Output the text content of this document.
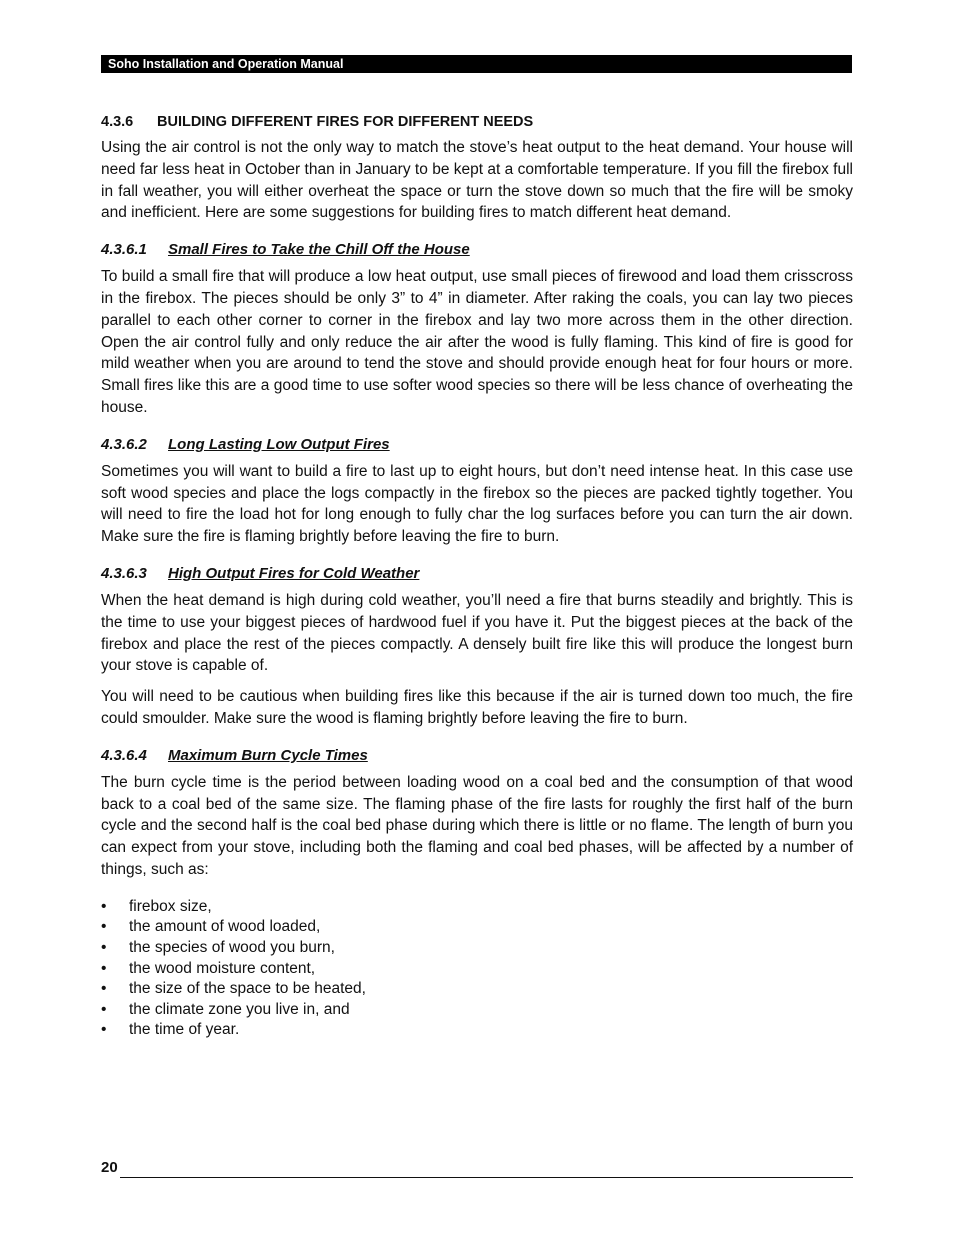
Soho Installation and Operation Manual
4.3.6 BUILDING DIFFERENT FIRES FOR DIFFERENT NEEDS

Using the air control is not the only way to match the stove’s heat output to the heat demand. Your house will need far less heat in October than in January to be kept at a comfortable temperature. If you fill the firebox full in fall weather, you will either overheat the space or turn the stove down so much that the fire will be smoky and inefficient. Here are some suggestions for building fires to match different heat demand.

4.3.6.1 Small Fires to Take the Chill Off the House

To build a small fire that will produce a low heat output, use small pieces of firewood and load them crisscross in the firebox. The pieces should be only 3” to 4” in diameter. After raking the coals, you can lay two pieces parallel to each other corner to corner in the firebox and lay two more across them in the other direction. Open the air control fully and only reduce the air after the wood is fully flaming. This kind of fire is good for mild weather when you are around to tend the stove and should provide enough heat for four hours or more. Small fires like this are a good time to use softer wood species so there will be less chance of overheating the house.

4.3.6.2 Long Lasting Low Output Fires

Sometimes you will want to build a fire to last up to eight hours, but don’t need intense heat. In this case use soft wood species and place the logs compactly in the firebox so the pieces are packed tightly together. You will need to fire the load hot for long enough to fully char the log surfaces before you can turn the air down. Make sure the fire is flaming brightly before leaving the fire to burn.

4.3.6.3 High Output Fires for Cold Weather

When the heat demand is high during cold weather, you’ll need a fire that burns steadily and brightly. This is the time to use your biggest pieces of hardwood fuel if you have it. Put the biggest pieces at the back of the firebox and place the rest of the pieces compactly. A densely built fire like this will produce the longest burn your stove is capable of.

You will need to be cautious when building fires like this because if the air is turned down too much, the fire could smoulder. Make sure the wood is flaming brightly before leaving the fire to burn.

4.3.6.4 Maximum Burn Cycle Times

The burn cycle time is the period between loading wood on a coal bed and the consumption of that wood back to a coal bed of the same size. The flaming phase of the fire lasts for roughly the first half of the burn cycle and the second half is the coal bed phase during which there is little or no flame. The length of burn you can expect from your stove, including both the flaming and coal bed phases, will be affected by a number of things, such as:

• firebox size,
• the amount of wood loaded,
• the species of wood you burn,
• the wood moisture content,
• the size of the space to be heated,
• the climate zone you live in, and
• the time of year.
20
